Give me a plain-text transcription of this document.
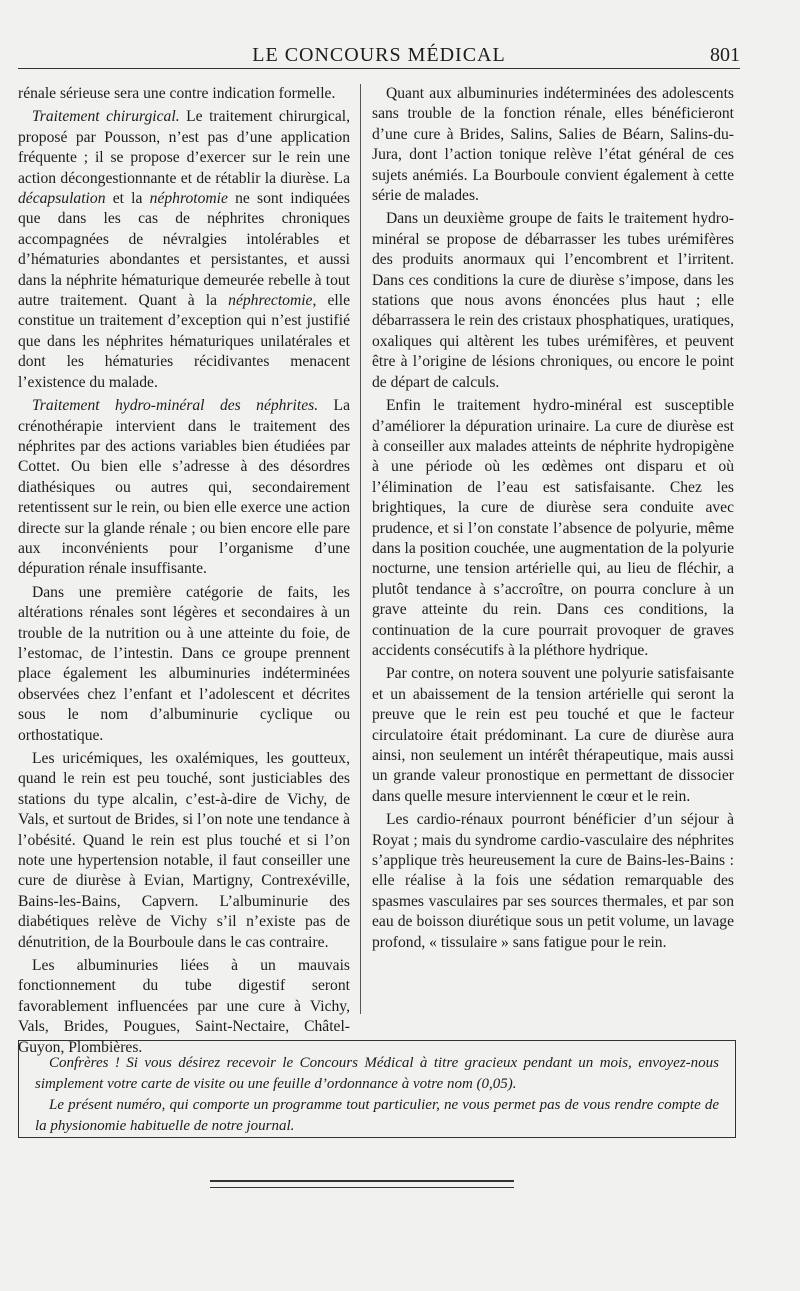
LE CONCOURS MÉDICAL	801

rénale sérieuse sera une contre indication formelle.

Traitement chirurgical. Le traitement chirurgical, proposé par Pousson, n’est pas d’une application fréquente ; il se propose d’exercer sur le rein une action décongestionnante et de rétablir la diurèse. La décapsulation et la néphrotomie ne sont indiquées que dans les cas de néphrites chroniques accompagnées de névralgies intolérables et d’hématuries abondantes et persistantes, et aussi dans la néphrite hématurique demeurée rebelle à tout autre traitement. Quant à la néphrectomie, elle constitue un traitement d’exception qui n’est justifié que dans les néphrites hématuriques unilatérales et dont les hématuries récidivantes menacent l’existence du malade.

Traitement hydro-minéral des néphrites. La crénothérapie intervient dans le traitement des néphrites par des actions variables bien étudiées par Cottet. Ou bien elle s’adresse à des désordres diathésiques ou autres qui, secondairement retentissent sur le rein, ou bien elle exerce une action directe sur la glande rénale ; ou bien encore elle pare aux inconvénients pour l’organisme d’une dépuration rénale insuffisante.

Dans une première catégorie de faits, les altérations rénales sont légères et secondaires à un trouble de la nutrition ou à une atteinte du foie, de l’estomac, de l’intestin. Dans ce groupe prennent place également les albuminuries indéterminées observées chez l’enfant et l’adolescent et décrites sous le nom d’albuminurie cyclique ou orthostatique.

Les uricémiques, les oxalémiques, les goutteux, quand le rein est peu touché, sont justiciables des stations du type alcalin, c’est-à-dire de Vichy, de Vals, et surtout de Brides, si l’on note une tendance à l’obésité. Quand le rein est plus touché et si l’on note une hypertension notable, il faut conseiller une cure de diurèse à Evian, Martigny, Contrexéville, Bains-les-Bains, Capvern. L’albuminurie des diabétiques relève de Vichy s’il n’existe pas de dénutrition, de la Bourboule dans le cas contraire.

Les albuminuries liées à un mauvais fonctionnement du tube digestif seront favorablement influencées par une cure à Vichy, Vals, Brides, Pougues, Saint-Nectaire, Châtel-Guyon, Plombières.

Quant aux albuminuries indéterminées des adolescents sans trouble de la fonction rénale, elles bénéficieront d’une cure à Brides, Salins, Salies de Béarn, Salins-du-Jura, dont l’action tonique relève l’état général de ces sujets anémiés. La Bourboule convient également à cette série de malades.

Dans un deuxième groupe de faits le traitement hydro-minéral se propose de débarrasser les tubes urémifères des produits anormaux qui l’encombrent et l’irritent. Dans ces conditions la cure de diurèse s’impose, dans les stations que nous avons énoncées plus haut ; elle débarrassera le rein des cristaux phosphatiques, uratiques, oxaliques qui altèrent les tubes urémifères, et peuvent être à l’origine de lésions chroniques, ou encore le point de départ de calculs.

Enfin le traitement hydro-minéral est susceptible d’améliorer la dépuration urinaire. La cure de diurèse est à conseiller aux malades atteints de néphrite hydropigène à une période où les œdèmes ont disparu et où l’élimination de l’eau est satisfaisante. Chez les brightiques, la cure de diurèse sera conduite avec prudence, et si l’on constate l’absence de polyurie, même dans la position couchée, une augmentation de la polyurie nocturne, une tension artérielle qui, au lieu de fléchir, a plutôt tendance à s’accroître, on pourra conclure à un grave atteinte du rein. Dans ces conditions, la continuation de la cure pourrait provoquer de graves accidents consécutifs à la pléthore hydrique.

Par contre, on notera souvent une polyurie satisfaisante et un abaissement de la tension artérielle qui seront la preuve que le rein est peu touché et que le facteur circulatoire était prédominant. La cure de diurèse aura ainsi, non seulement un intérêt thérapeutique, mais aussi un grande valeur pronostique en permettant de dissocier dans quelle mesure interviennent le cœur et le rein.

Les cardio-rénaux pourront bénéficier d’un séjour à Royat ; mais du syndrome cardio-vasculaire des néphrites s’applique très heureusement la cure de Bains-les-Bains : elle réalise à la fois une sédation remarquable des spasmes vasculaires par ses sources thermales, et par son eau de boisson diurétique sous un petit volume, un lavage profond, « tissulaire » sans fatigue pour le rein.

Confrères ! Si vous désirez recevoir le Concours Médical à titre gracieux pendant un mois, envoyez-nous simplement votre carte de visite ou une feuille d’ordonnance à votre nom (0,05).

Le présent numéro, qui comporte un programme tout particulier, ne vous permet pas de vous rendre compte de la physionomie habituelle de notre journal.
